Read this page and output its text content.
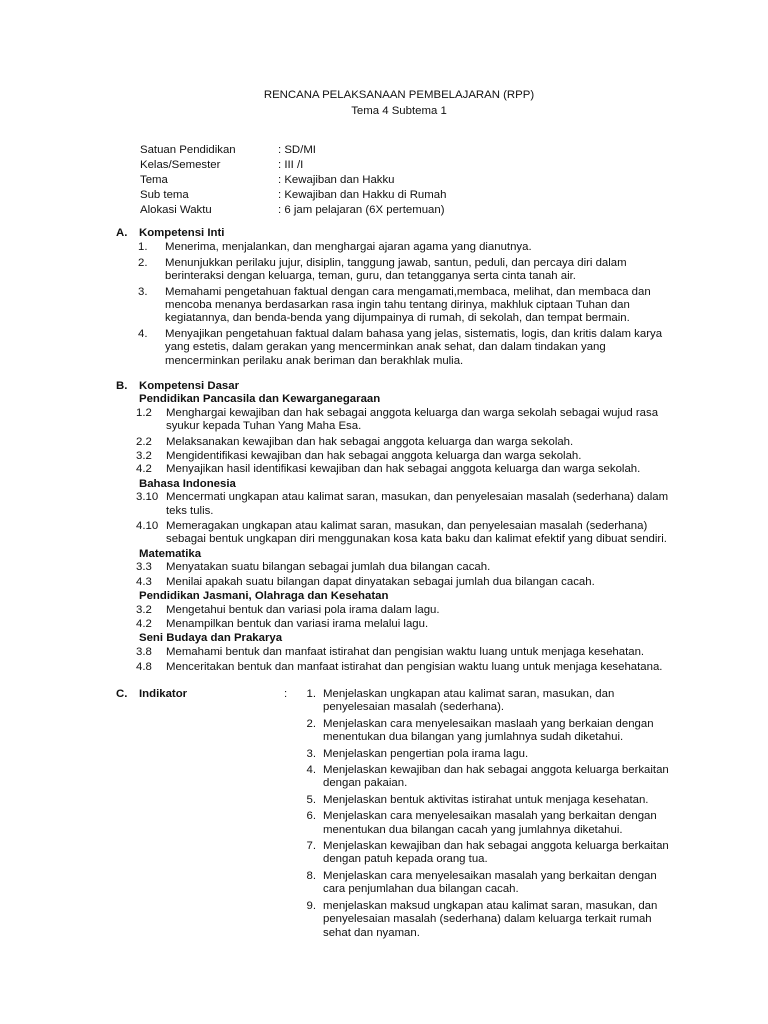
RENCANA PELAKSANAAN PEMBELAJARAN (RPP)
Tema 4 Subtema 1
Satuan Pendidikan	: SD/MI
Kelas/Semester	: III /I
Tema	: Kewajiban dan Hakku
Sub tema	: Kewajiban dan Hakku di Rumah
Alokasi Waktu	: 6 jam pelajaran (6X pertemuan)
A.	Kompetensi Inti
1.	Menerima, menjalankan, dan menghargai ajaran agama yang dianutnya.
2.	Menunjukkan perilaku jujur, disiplin, tanggung jawab, santun, peduli, dan percaya diri dalam berinteraksi dengan keluarga, teman, guru, dan tetangganya serta cinta tanah air.
3.	Memahami pengetahuan faktual dengan cara mengamati,membaca, melihat, dan membaca dan mencoba menanya berdasarkan rasa ingin tahu tentang dirinya, makhluk ciptaan Tuhan dan kegiatannya, dan benda-benda yang dijumpainya di rumah, di sekolah, dan tempat bermain.
4.	Menyajikan pengetahuan faktual dalam bahasa yang jelas, sistematis, logis, dan kritis dalam karya yang estetis, dalam gerakan yang mencerminkan anak sehat, dan dalam tindakan yang mencerminkan perilaku anak beriman dan berakhlak mulia.
B.	Kompetensi Dasar
Pendidikan Pancasila dan Kewarganegaraan
1.2	Menghargai kewajiban dan hak sebagai anggota keluarga dan warga sekolah sebagai wujud rasa syukur kepada Tuhan Yang Maha Esa.
2.2	Melaksanakan kewajiban dan hak sebagai anggota keluarga dan warga sekolah.
3.2	Mengidentifikasi kewajiban dan hak sebagai anggota keluarga dan warga sekolah.
4.2	Menyajikan hasil identifikasi kewajiban dan hak sebagai anggota keluarga dan warga sekolah.
Bahasa Indonesia
3.10 Mencermati ungkapan atau kalimat saran, masukan, dan penyelesaian masalah (sederhana) dalam teks tulis.
4.10 Memeragakan ungkapan atau kalimat saran, masukan, dan penyelesaian masalah (sederhana) sebagai bentuk ungkapan diri menggunakan kosa kata baku dan kalimat efektif yang dibuat sendiri.
Matematika
3.3	Menyatakan suatu bilangan sebagai jumlah dua bilangan cacah.
4.3	Menilai apakah suatu bilangan dapat dinyatakan sebagai jumlah dua bilangan cacah.
Pendidikan Jasmani, Olahraga dan Kesehatan
3.2	Mengetahui bentuk dan variasi pola irama dalam lagu.
4.2	Menampilkan bentuk dan variasi irama melalui lagu.
Seni Budaya dan Prakarya
3.8	Memahami bentuk dan manfaat istirahat dan pengisian waktu luang untuk menjaga kesehatan.
4.8	Menceritakan bentuk dan manfaat istirahat dan pengisian waktu luang untuk menjaga kesehatana.
C.	Indikator	:	1. Menjelaskan ungkapan atau kalimat saran, masukan, dan penyelesaian masalah (sederhana).
2. Menjelaskan cara menyelesaikan maslaah yang berkaian dengan menentukan dua bilangan yang jumlahnya sudah diketahui.
3. Menjelaskan pengertian pola irama lagu.
4. Menjelaskan kewajiban dan hak sebagai anggota keluarga berkaitan dengan pakaian.
5. Menjelaskan bentuk aktivitas istirahat untuk menjaga kesehatan.
6. Menjelaskan cara menyelesaikan masalah yang berkaitan dengan menentukan dua bilangan cacah yang jumlahnya diketahui.
7. Menjelaskan kewajiban dan hak sebagai anggota keluarga berkaitan dengan patuh kepada orang tua.
8. Menjelaskan cara menyelesaikan masalah yang berkaitan dengan cara penjumlahan dua bilangan cacah.
9. menjelaskan maksud ungkapan atau kalimat saran, masukan, dan penyelesaian masalah (sederhana) dalam keluarga terkait rumah sehat dan nyaman.
